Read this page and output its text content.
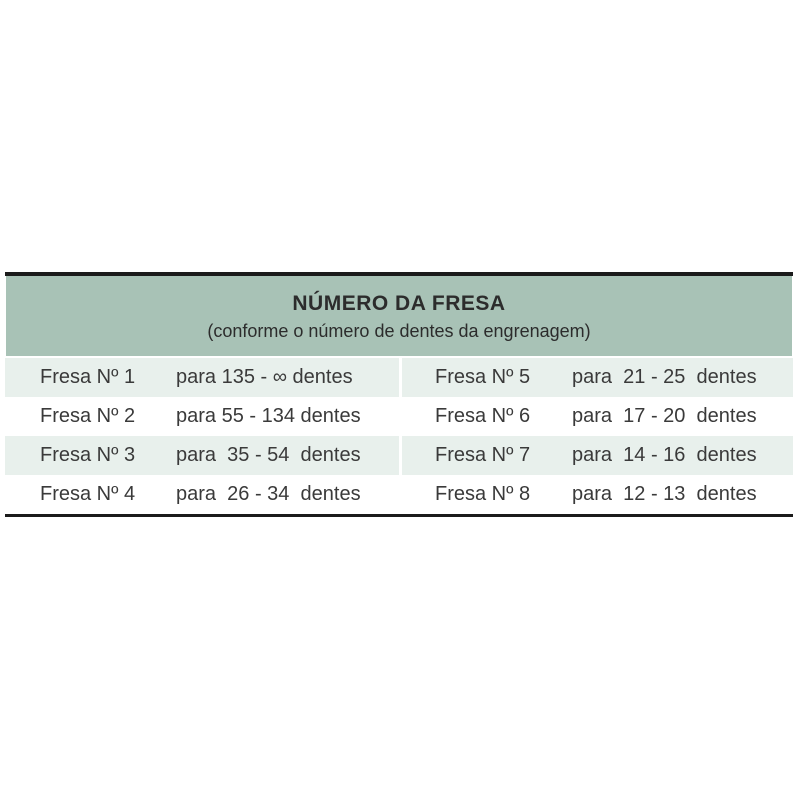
NÚMERO DA FRESA
(conforme o número de dentes da engrenagem)
Fresa Nº 1	para 135 - ∞ dentes	Fresa Nº 5	para  21 - 25  dentes
Fresa Nº 2	para 55 - 134 dentes	Fresa Nº 6	para  17 - 20  dentes
Fresa Nº 3	para  35 - 54  dentes	Fresa Nº 7	para  14 - 16  dentes
Fresa Nº 4	para  26 - 34  dentes	Fresa Nº 8	para  12 - 13  dentes
